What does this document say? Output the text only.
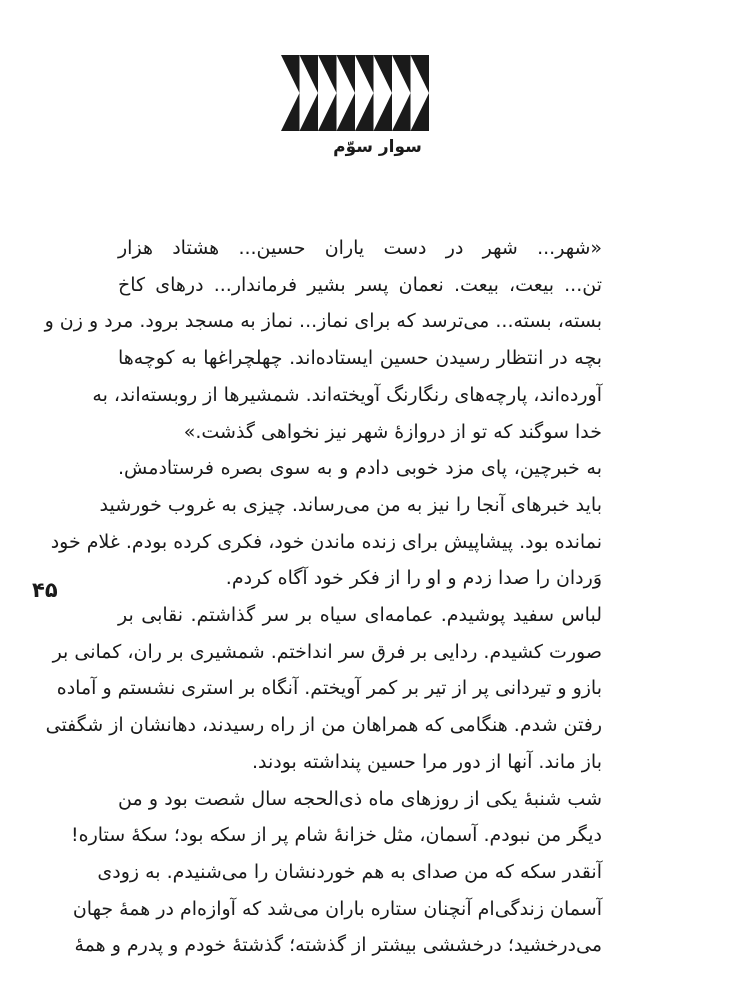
سوار سوّم
۴۵

«شهر... شهر در دست یاران حسین... هشتاد هزار
تن... بیعت، بیعت. نعمان پسر بشیر فرماندار... درهای کاخ
بسته، بسته... می‌ترسد که برای نماز... نماز به مسجد برود. مرد و زن و
بچه در انتظار رسیدن حسین ایستاده‌اند. چهلچراغها به کوچه‌ها
آورده‌اند، پارچه‌های رنگارنگ آویخته‌اند. شمشیرها از روبسته‌اند، به
خدا سوگند که تو از دروازهٔ شهر نیز نخواهی گذشت.»

به خبرچین، پای مزد خوبی دادم و به سوی بصره فرستادمش.
باید خبرهای آنجا را نیز به من می‌رساند. چیزی به غروب خورشید
نمانده بود. پیشاپیش برای زنده ماندن خود، فکری کرده بودم. غلام خود
وَردان را صدا زدم و او را از فکر خود آگاه کردم.

لباس سفید پوشیدم. عمامه‌ای سیاه بر سر گذاشتم. نقابی بر
صورت کشیدم. ردایی بر فرق سر انداختم. شمشیری بر ران، کمانی بر
بازو و تیردانی پر از تیر بر کمر آویختم. آنگاه بر استری نشستم و آماده
رفتن شدم. هنگامی که همراهان من از راه رسیدند، دهانشان از شگفتی
باز ماند. آنها از دور مرا حسین پنداشته بودند.

شب شنبهٔ یکی از روزهای ماه ذی‌الحجه سال شصت بود و من
دیگر من نبودم. آسمان، مثل خزانهٔ شام پر از سکه بود؛ سکهٔ ستاره!
آنقدر سکه که من صدای به هم خوردنشان را می‌شنیدم. به زودی
آسمان زندگی‌ام آنچنان ستاره باران می‌شد که آوازه‌ام در همهٔ جهان
می‌درخشید؛ درخششی بیشتر از گذشته؛ گذشتهٔ خودم و پدرم و همهٔ
